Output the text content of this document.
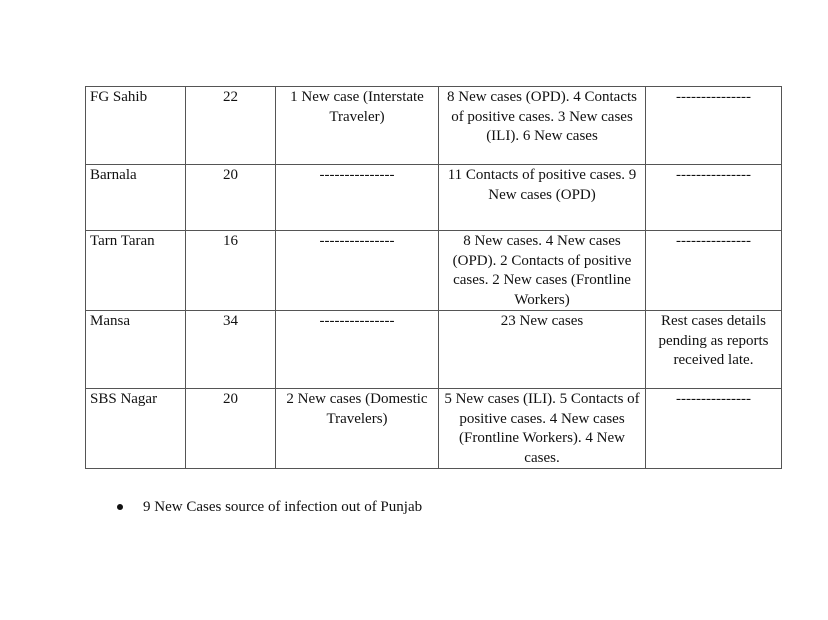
FG Sahib	22	1 New case (Interstate Traveler)	8 New cases (OPD). 4 Contacts of positive cases. 3 New cases (ILI). 6 New cases	---------------
Barnala	20	---------------	11 Contacts of positive cases. 9 New cases (OPD)	---------------
Tarn Taran	16	---------------	8 New cases. 4 New cases (OPD). 2 Contacts of positive cases. 2 New cases (Frontline Workers)	---------------
Mansa	34	---------------	23 New cases	Rest cases details pending as reports received late.
SBS Nagar	20	2 New cases (Domestic Travelers)	5 New cases (ILI). 5 Contacts of positive cases. 4 New cases (Frontline Workers). 4 New cases.	---------------
9 New Cases source of infection out of Punjab
